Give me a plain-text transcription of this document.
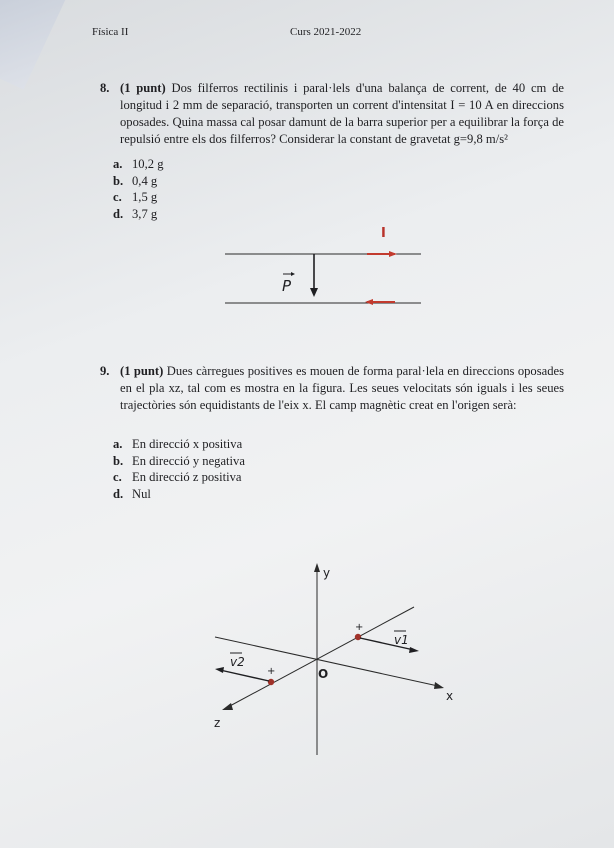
Física II	Curs 2021-2022
8. (1 punt) Dos filferros rectilinis i paral·lels d'una balança de corrent, de 40 cm de longitud i 2 mm de separació, transporten un corrent d'intensitat I = 10 A en direccions oposades. Quina massa cal posar damunt de la barra superior per a equilibrar la força de repulsió entre els dos filferros? Considerar la constant de gravetat g=9,8 m/s²
a. 10,2 g
b. 0,4 g
c. 1,5 g
d. 3,7 g
I
P
9. (1 punt) Dues càrregues positives es mouen de forma paral·lela en direccions oposades en el pla xz, tal com es mostra en la figura. Les seues velocitats són iguals i les seues trajectòries són equidistants de l'eix x. El camp magnètic creat en l'origen serà:
a. En direcció x positiva
b. En direcció y negativa
c. En direcció z positiva
d. Nul
y
x
z
O
+
v1
+
v2
